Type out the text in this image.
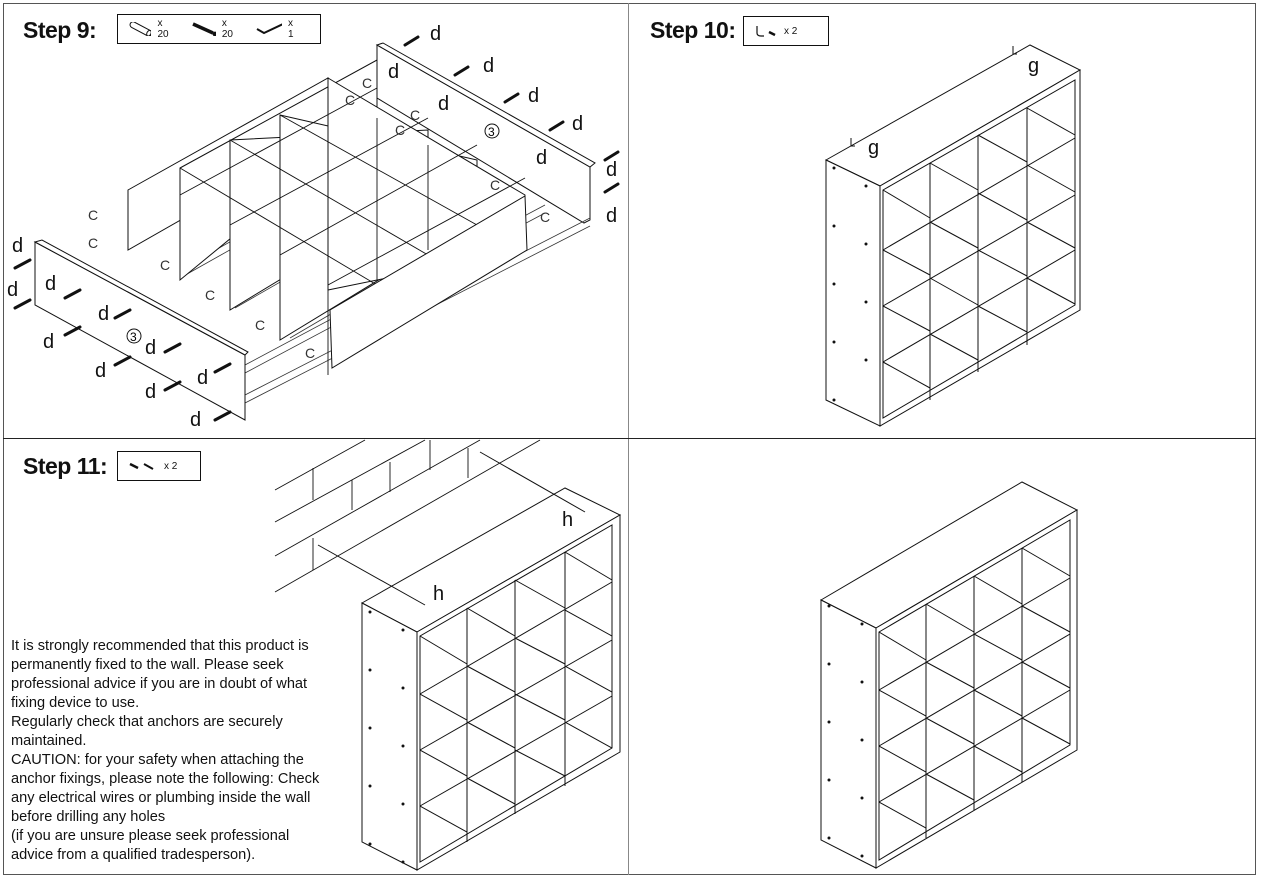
Step 9:	x 20
x 20
x 1
d
d d
d
d	d
d	d
d
d
d
d	d
d	d
d
d
d
d
C
C
C
C
C
C
C
C
C
C
C
C
3
3
Step 10:	x 2
g
g
Step 11:	x 2
h
h

It is strongly recommended that this product is

permanently fixed to the wall. Please seek

professional advice if you are in doubt of what

fixing device to use.

Regularly check that anchors are securely

maintained.

CAUTION: for your safety when attaching the

anchor fixings, please note the following: Check

any electrical wires or plumbing inside the wall

before drilling any holes

(if you are unsure please seek professional

advice from a qualified tradesperson).
